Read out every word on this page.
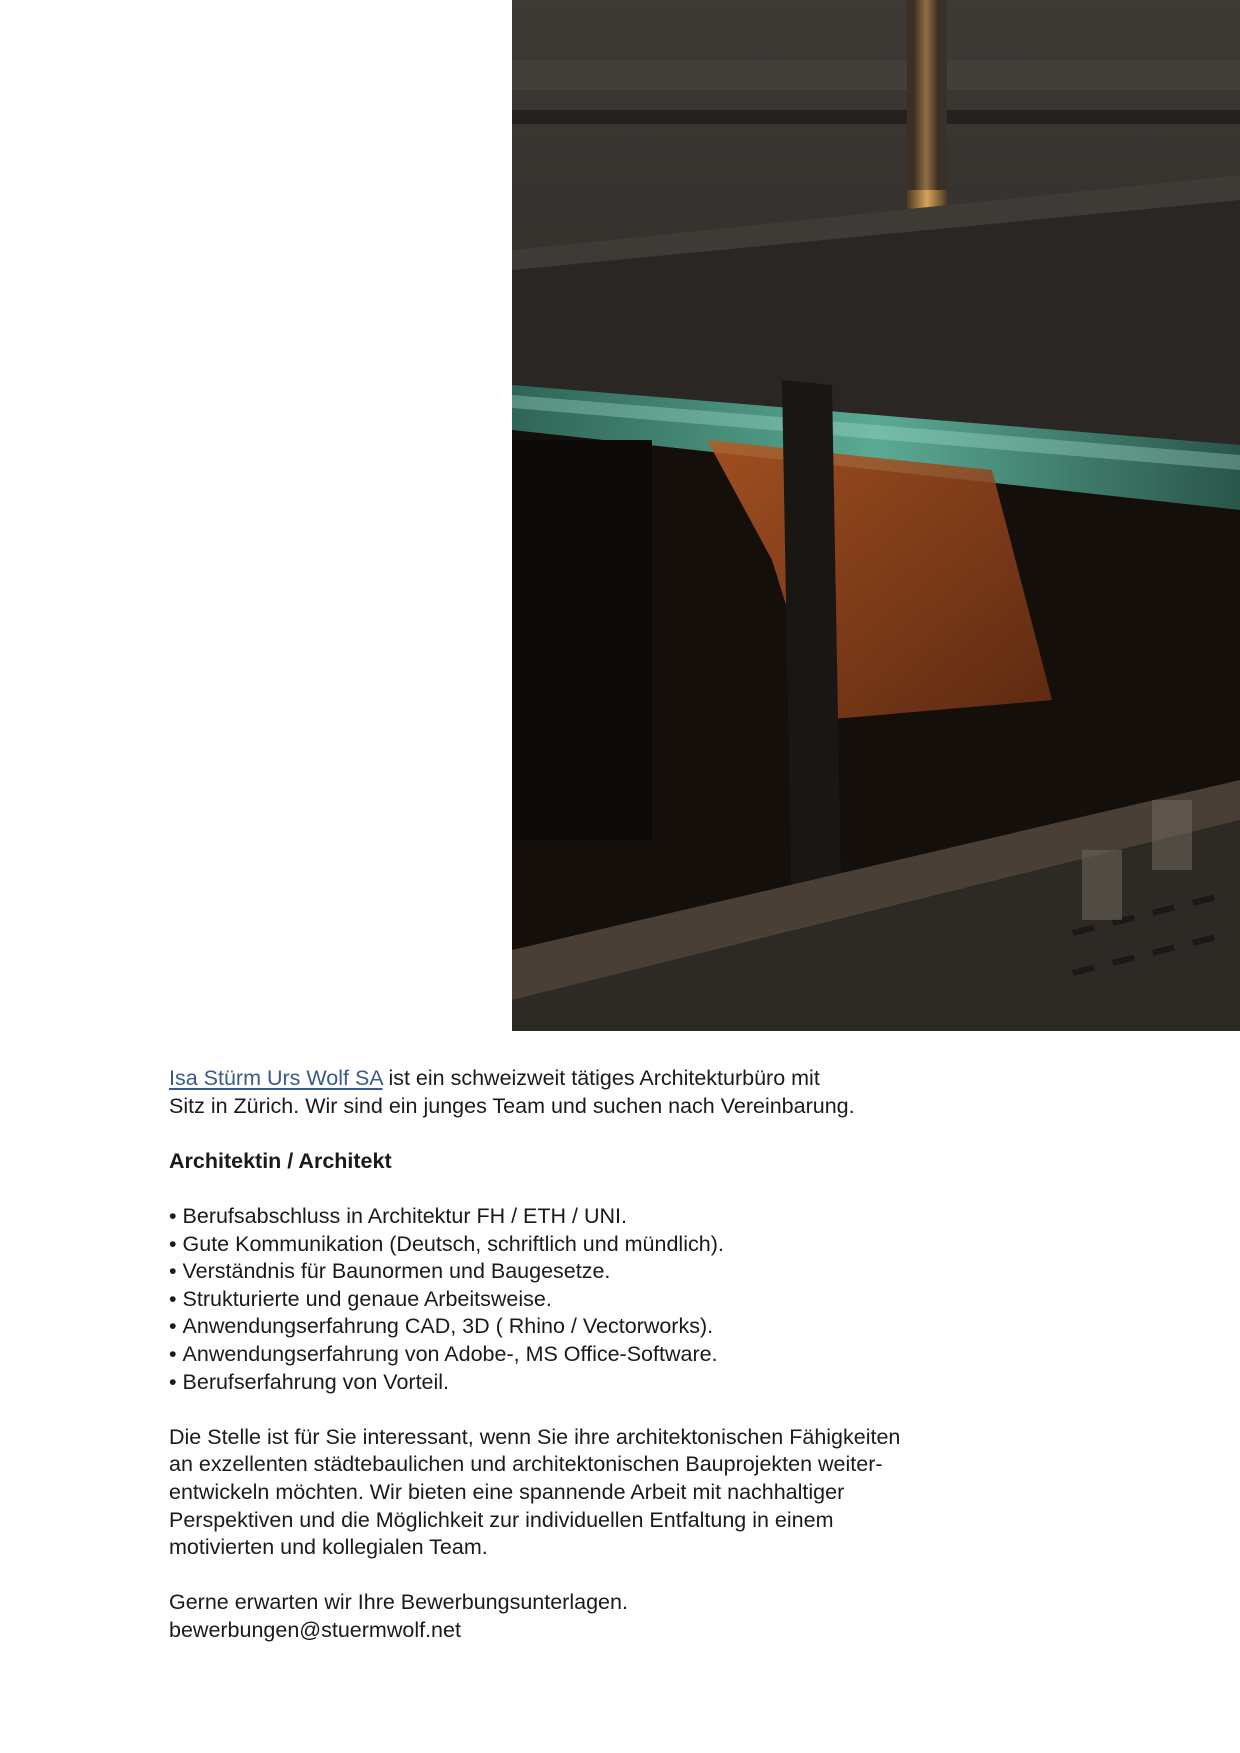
Isa Stürm Urs Wolf SA ist ein schweizweit tätiges Architekturbüro mit
Sitz in Zürich. Wir sind ein junges Team und suchen nach Vereinbarung.

Architektin / Architekt

• Berufsabschluss in Architektur FH / ETH / UNI.
• Gute Kommunikation (Deutsch, schriftlich und mündlich).
• Verständnis für Baunormen und Baugesetze.
• Strukturierte und genaue Arbeitsweise.
• Anwendungserfahrung CAD, 3D ( Rhino / Vectorworks).
• Anwendungserfahrung von Adobe-, MS Office-Software.
• Berufserfahrung von Vorteil.

Die Stelle ist für Sie interessant, wenn Sie ihre architektonischen Fähigkeiten
an exzellenten städtebaulichen und architektonischen Bauprojekten weiter-
entwickeln möchten. Wir bieten eine spannende Arbeit mit nachhaltiger
Perspektiven und die Möglichkeit zur individuellen Entfaltung in einem
motivierten und kollegialen Team.

Gerne erwarten wir Ihre Bewerbungsunterlagen.
bewerbungen@stuermwolf.net
